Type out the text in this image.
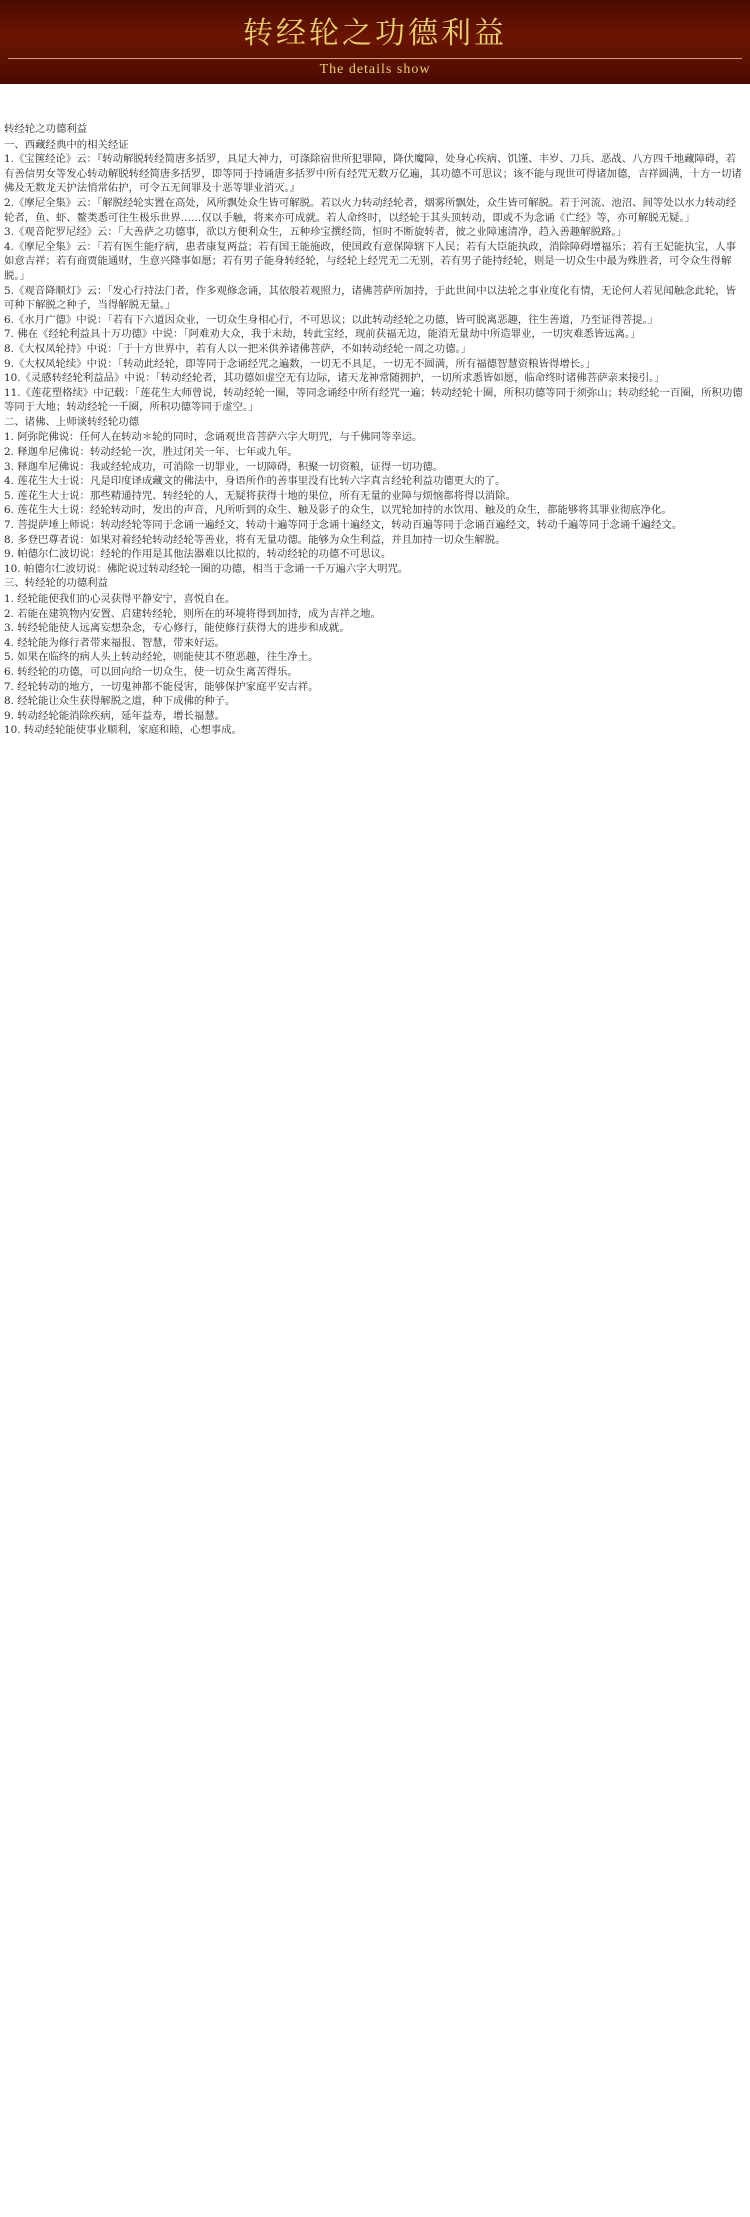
转经轮之功德利益
The details show

转经轮之功德利益

一、西藏经典中的相关经证

1.《宝箧经论》云：『转动解脱转经简唐多括罗，具足大神力，可涤除宿世所犯罪障，降伏魔障，处身心疾病、饥馑、丰岁、刀兵、恶战、八方四千地藏障碍，若有善信男女等发心转动解脱转经简唐多括罗，即等同于持诵唐多括罗中所有经咒无数万亿遍，其功德不可思议；该不能与现世可得诸加德，吉祥圆满，十方一切诸佛及无数龙天护法悄常佑护，可令五无间罪及十恶等罪业消灭。』

2.《摩尼全集》云：「解脱经轮实置在高处，风所飘处众生皆可解脱。若以火力转动经轮者，烟雾所飘处，众生皆可解脱。若于河流、池沼、间等处以水力转动经轮者，鱼、虾、鳌类悉可往生极乐世界……仅以手触，将来亦可成就。若人命终时，以经轮于其头顶转动，即或不为念诵《亡经》等，亦可解脱无疑。」

3.《观音陀罗尼经》云：「大善萨之功德事，欲以方便利众生，五种珍宝撰经筒，恒时不断旋转者，彼之业障速清净，趋入善趣解脱路。」

4.《摩尼全集》云：「若有医生能疗病，患者康复两益；若有国王能施政，使国政有意保障辖下人民；若有大臣能执政，消除障碍增福乐；若有王妃能执宝，人事如意吉祥；若有商贾能通财，生意兴隆事如愿；若有男子能身转经轮，与经轮上经咒无二无别，若有男子能持经轮，则是一切众生中最为殊胜者，可令众生得解脱。」

5.《观音降顺灯》云：「发心行持法门者，作多观修念诵，其依般若观照力，诸佛菩萨所加持，于此世间中以法轮之事业度化有情，无论何人若见闻触念此轮，皆可种下解脱之种子，当得解脱无量。」

6.《水月广德》中说：「若有下六道因众业，一切众生身相心行，不可思议；以此转动经轮之功德，皆可脱离恶趣，往生善道，乃至证得菩提。」

7. 佛在《经轮利益具十万功德》中说：「阿难劝大众，我于末劫，转此宝经，现前获福无边，能消无量劫中所造罪业，一切灾难悉皆远离。」

8.《大权凤轮持》中说：「于十方世界中，若有人以一把米供养诸佛菩萨，不如转动经轮一周之功德。」

9.《大权凤轮续》中说：「转动此经轮，即等同于念诵经咒之遍数，一切无不具足，一切无不圆满，所有福德智慧资粮皆得增长。」

10.《灵感转经轮利益品》中说：「转动经轮者，其功德如虚空无有边际，诸天龙神常随拥护，一切所求悉皆如愿，临命终时诸佛菩萨亲来接引。」

11.《莲花塑格续》中记载：「莲花生大师曾说，转动经轮一圈，等同念诵经中所有经咒一遍；转动经轮十圈，所积功德等同于须弥山；转动经轮一百圈，所积功德等同于大地；转动经轮一千圈，所积功德等同于虚空。」

二、诸佛、上师谈转经轮功德

1. 阿弥陀佛说：任何人在转动＊轮的同时，念诵观世音菩萨六字大明咒，与千佛同等幸运。

2. 释迦牟尼佛说：转动经轮一次，胜过闭关一年、七年或九年。

3. 释迦牟尼佛说：我或经轮成功，可消除一切罪业，一切障碍，积聚一切资粮，证得一切功德。

4. 莲花生大士说：凡是印度译成藏文的佛法中，身语所作的善事里没有比转六字真言经轮利益功德更大的了。

5. 莲花生大士说：那些精通持咒、转经轮的人，无疑将获得十地的果位，所有无量的业障与烦恼都将得以消除。

6. 莲花生大士说：经轮转动时，发出的声音，凡所听到的众生、触及影子的众生，以咒轮加持的水饮用、触及的众生，都能够将其罪业彻底净化。

7. 菩提萨埵上师说：转动经轮等同于念诵一遍经文，转动十遍等同于念诵十遍经文，转动百遍等同于念诵百遍经文，转动千遍等同于念诵千遍经文。

8. 多登巴尊者说：如果对着经轮转动经轮等善业，将有无量功德。能够为众生利益，并且加持一切众生解脱。

9. 帕德尔仁波切说：经轮的作用是其他法器难以比拟的，转动经轮的功德不可思议。

10. 帕德尔仁波切说：佛陀说过转动经轮一圈的功德，相当于念诵一千万遍六字大明咒。

三、转经轮的功德利益

1. 经轮能使我们的心灵获得平静安宁，喜悦自在。

2. 若能在建筑物内安置、启建转经轮，则所在的环境将得到加持，成为吉祥之地。

3. 转经轮能使人远离妄想杂念，专心修行，能使修行获得大的进步和成就。

4. 经轮能为修行者带来福报、智慧，带来好运。

5. 如果在临终的病人头上转动经轮，则能使其不堕恶趣，往生净土。

6. 转经轮的功德，可以回向给一切众生，使一切众生离苦得乐。

7. 经轮转动的地方，一切鬼神都不能侵害，能够保护家庭平安吉祥。

8. 经轮能让众生获得解脱之道，种下成佛的种子。

9. 转动经轮能消除疾病，延年益寿，增长福慧。

10. 转动经轮能使事业顺利，家庭和睦，心想事成。
